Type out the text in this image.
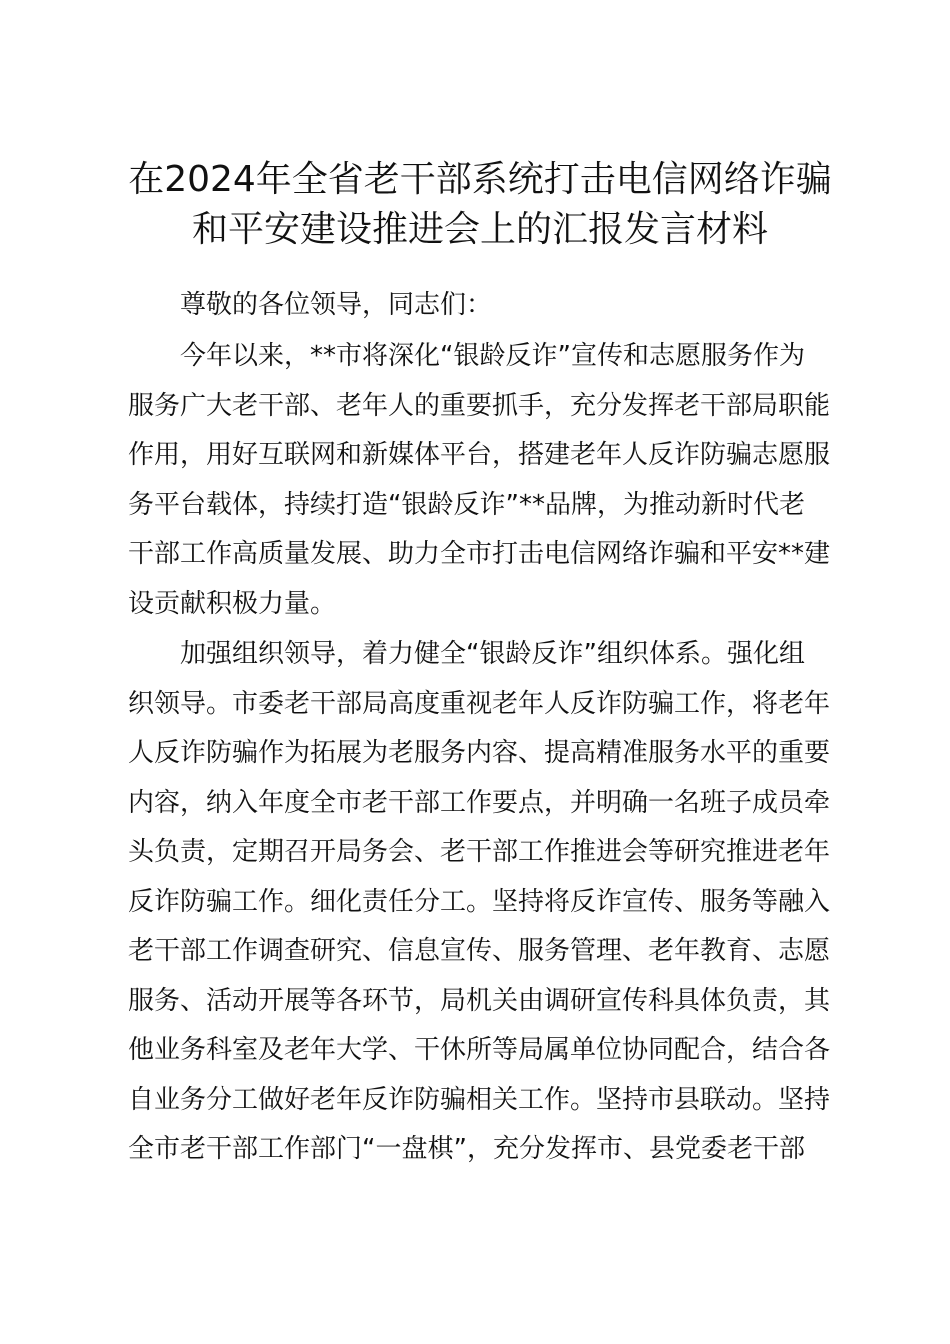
在2024年全省老干部系统打击电信网络诈骗
和平安建设推进会上的汇报发言材料
尊敬的各位领导，同志们：
今年以来，**市将深化“银龄反诈”宣传和志愿服务作为
服务广大老干部、老年人的重要抓手，充分发挥老干部局职能
作用，用好互联网和新媒体平台，搭建老年人反诈防骗志愿服
务平台载体，持续打造“银龄反诈”**品牌，为推动新时代老
干部工作高质量发展、助力全市打击电信网络诈骗和平安**建
设贡献积极力量。
加强组织领导，着力健全“银龄反诈”组织体系。强化组
织领导。市委老干部局高度重视老年人反诈防骗工作，将老年
人反诈防骗作为拓展为老服务内容、提高精准服务水平的重要
内容，纳入年度全市老干部工作要点，并明确一名班子成员牵
头负责，定期召开局务会、老干部工作推进会等研究推进老年
反诈防骗工作。细化责任分工。坚持将反诈宣传、服务等融入
老干部工作调查研究、信息宣传、服务管理、老年教育、志愿
服务、活动开展等各环节，局机关由调研宣传科具体负责，其
他业务科室及老年大学、干休所等局属单位协同配合，结合各
自业务分工做好老年反诈防骗相关工作。坚持市县联动。坚持
全市老干部工作部门“一盘棋”，充分发挥市、县党委老干部
